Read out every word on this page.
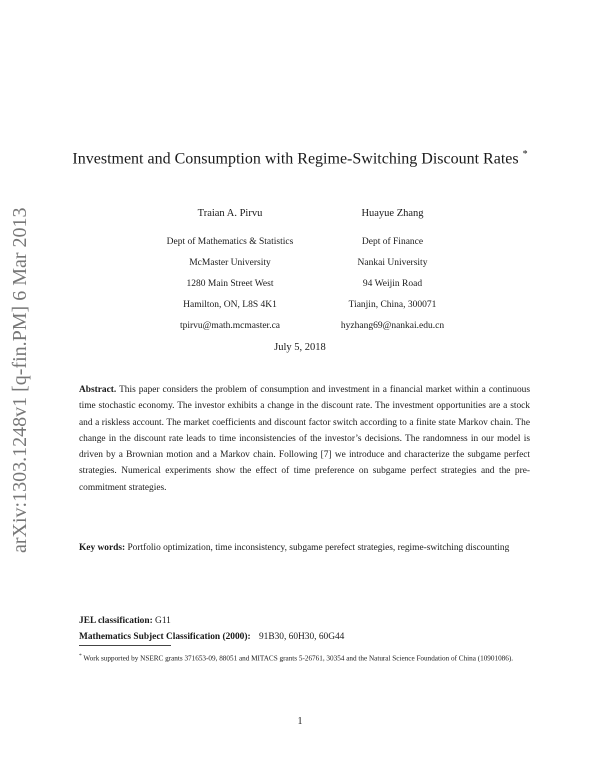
arXiv:1303.1248v1 [q-fin.PM] 6 Mar 2013
Investment and Consumption with Regime-Switching Discount Rates *
Traian A. Pirvu
Dept of Mathematics & Statistics
McMaster University
1280 Main Street West
Hamilton, ON, L8S 4K1
tpirvu@math.mcmaster.ca
Huayue Zhang
Dept of Finance
Nankai University
94 Weijin Road
Tianjin, China, 300071
hyzhang69@nankai.edu.cn
July 5, 2018
Abstract. This paper considers the problem of consumption and investment in a financial market within a continuous time stochastic economy. The investor exhibits a change in the discount rate. The investment opportunities are a stock and a riskless account. The market coefficients and discount factor switch according to a finite state Markov chain. The change in the discount rate leads to time inconsistencies of the investor’s decisions. The randomness in our model is driven by a Brownian motion and a Markov chain. Following [7] we introduce and characterize the subgame perfect strategies. Numerical experiments show the effect of time preference on subgame perfect strategies and the pre-commitment strategies.
Key words: Portfolio optimization, time inconsistency, subgame perefect strategies, regime-switching discounting
JEL classification: G11
Mathematics Subject Classification (2000): 91B30, 60H30, 60G44
* Work supported by NSERC grants 371653-09, 88051 and MITACS grants 5-26761, 30354 and the Natural Science Foundation of China (10901086).
1
